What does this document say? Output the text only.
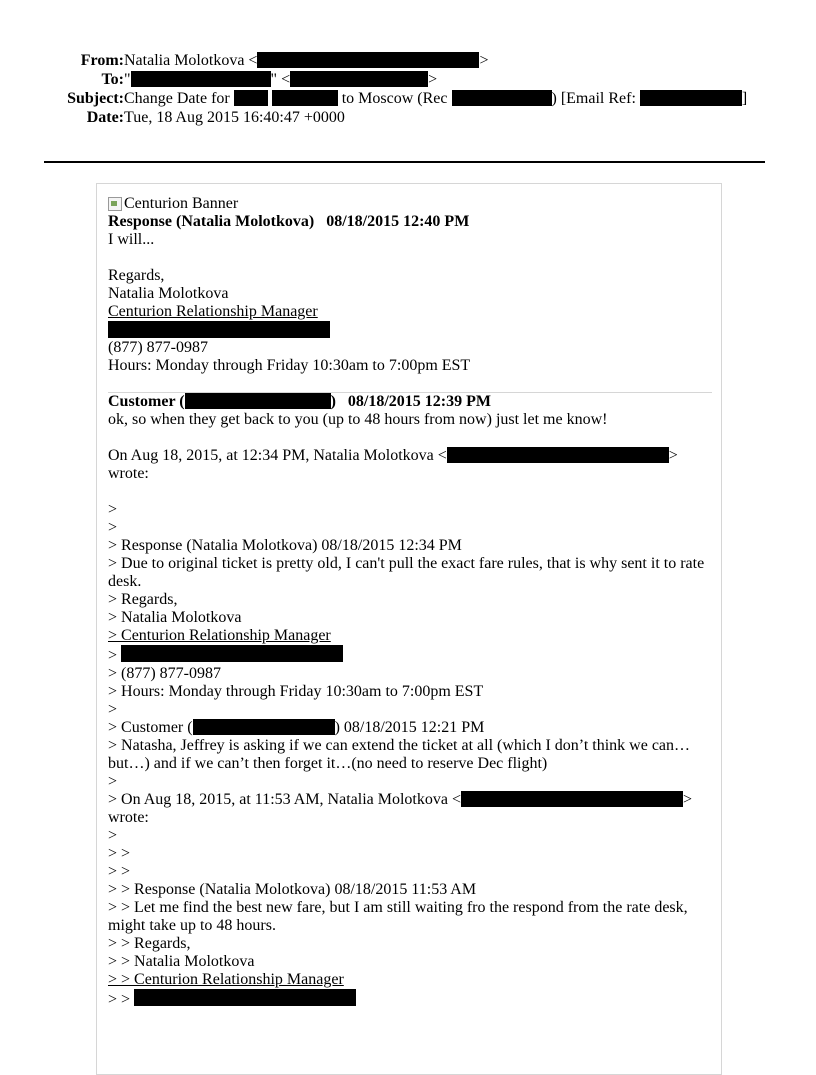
From: Natalia Molotkova <	>
To: "	" <	>
Subject: Change Date for	to Moscow (Rec	) [Email Ref:	]
Date: Tue, 18 Aug 2015 16:40:47 +0000
Centurion Banner
Response (Natalia Molotkova)   08/18/2015 12:40 PM
I will...
Regards,
Natalia Molotkova
Centurion Relationship Manager
(877) 877-0987
Hours: Monday through Friday 10:30am to 7:00pm EST
Customer (	)   08/18/2015 12:39 PM
ok, so when they get back to you (up to 48 hours from now) just let me know!
On Aug 18, 2015, at 12:34 PM, Natalia Molotkova <	>
wrote:
>
>
> Response (Natalia Molotkova) 08/18/2015 12:34 PM
> Due to original ticket is pretty old, I can't pull the exact fare rules, that is why sent it to rate desk.
> Regards,
> Natalia Molotkova
> Centurion Relationship Manager
>
> (877) 877-0987
> Hours: Monday through Friday 10:30am to 7:00pm EST
>
> Customer (	) 08/18/2015 12:21 PM
> Natasha, Jeffrey is asking if we can extend the ticket at all (which I don’t think we can… but…) and if we can’t then forget it…(no need to reserve Dec flight)
>
> On Aug 18, 2015, at 11:53 AM, Natalia Molotkova <	>
wrote:
>
> >
> >
> > Response (Natalia Molotkova) 08/18/2015 11:53 AM
> > Let me find the best new fare, but I am still waiting fro the respond from the rate desk, might take up to 48 hours.
> > Regards,
> > Natalia Molotkova
> > Centurion Relationship Manager
> >
